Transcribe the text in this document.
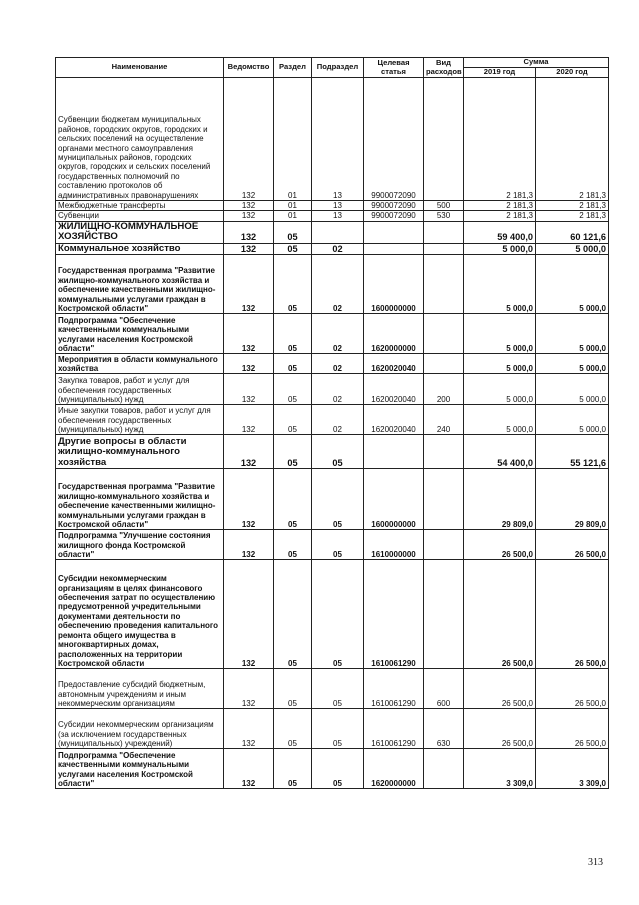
Наименование	Ведомство	Раздел	Подраздел	Целевая статья	Вид расходов	Сумма	
						2019 год	2020 год
Субвенции бюджетам муниципальных районов, городских округов, городских и сельских поселений на осуществление органами местного самоуправления муниципальных районов, городских округов, городских и сельских поселений государственных полномочий по составлению протоколов об административных правонарушениях	132	01	13	9900072090		2 181,3	2 181,3
Межбюджетные трансферты	132	01	13	9900072090	500	2 181,3	2 181,3
Субвенции	132	01	13	9900072090	530	2 181,3	2 181,3
ЖИЛИЩНО-КОММУНАЛЬНОЕ ХОЗЯЙСТВО	132	05				59 400,0	60 121,6
Коммунальное хозяйство	132	05	02			5 000,0	5 000,0
Государственная программа "Развитие жилищно-коммунального хозяйства и обеспечение качественными жилищно-коммунальными услугами граждан в Костромской области"	132	05	02	1600000000		5 000,0	5 000,0
Подпрограмма "Обеспечение качественными коммунальными услугами населения Костромской области"	132	05	02	1620000000		5 000,0	5 000,0
Мероприятия в области коммунального хозяйства	132	05	02	1620020040		5 000,0	5 000,0
Закупка товаров, работ и услуг для обеспечения государственных (муниципальных) нужд	132	05	02	1620020040	200	5 000,0	5 000,0
Иные закупки товаров, работ и услуг для обеспечения государственных (муниципальных) нужд	132	05	02	1620020040	240	5 000,0	5 000,0
Другие вопросы в области жилищно-коммунального хозяйства	132	05	05			54 400,0	55 121,6
Государственная программа "Развитие жилищно-коммунального хозяйства и обеспечение качественными жилищно-коммунальными услугами граждан в Костромской области"	132	05	05	1600000000		29 809,0	29 809,0
Подпрограмма "Улучшение состояния жилищного фонда Костромской области"	132	05	05	1610000000		26 500,0	26 500,0
Субсидии некоммерческим организациям в целях финансового обеспечения затрат по осуществлению предусмотренной учредительными документами деятельности по обеспечению проведения капитального ремонта общего имущества в многоквартирных домах, расположенных на территории Костромской области	132	05	05	1610061290		26 500,0	26 500,0
Предоставление субсидий бюджетным, автономным учреждениям и иным некоммерческим организациям	132	05	05	1610061290	600	26 500,0	26 500,0
Субсидии некоммерческим организациям (за исключением государственных (муниципальных) учреждений)	132	05	05	1610061290	630	26 500,0	26 500,0
Подпрограмма "Обеспечение качественными коммунальными услугами населения Костромской области"	132	05	05	1620000000		3 309,0	3 309,0
313
